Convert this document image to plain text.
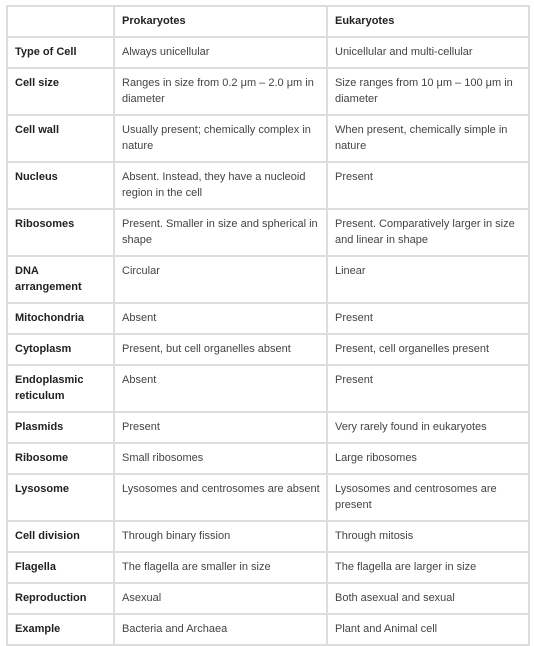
	Prokaryotes	Eukaryotes
Type of Cell	Always unicellular	Unicellular and multi-cellular
Cell size	Ranges in size from 0.2 μm – 2.0 μm in diameter	Size ranges from 10 μm – 100 μm in diameter
Cell wall	Usually present; chemically complex in nature	When present, chemically simple in nature
Nucleus	Absent. Instead, they have a nucleoid region in the cell	Present
Ribosomes	Present. Smaller in size and spherical in shape	Present. Comparatively larger in size and linear in shape
DNA arrangement	Circular	Linear
Mitochondria	Absent	Present
Cytoplasm	Present, but cell organelles absent	Present, cell organelles present
Endoplasmic reticulum	Absent	Present
Plasmids	Present	Very rarely found in eukaryotes
Ribosome	Small ribosomes	Large ribosomes
Lysosome	Lysosomes and centrosomes are absent	Lysosomes and centrosomes are present
Cell division	Through binary fission	Through mitosis
Flagella	The flagella are smaller in size	The flagella are larger in size
Reproduction	Asexual	Both asexual and sexual
Example	Bacteria and Archaea	Plant and Animal cell
